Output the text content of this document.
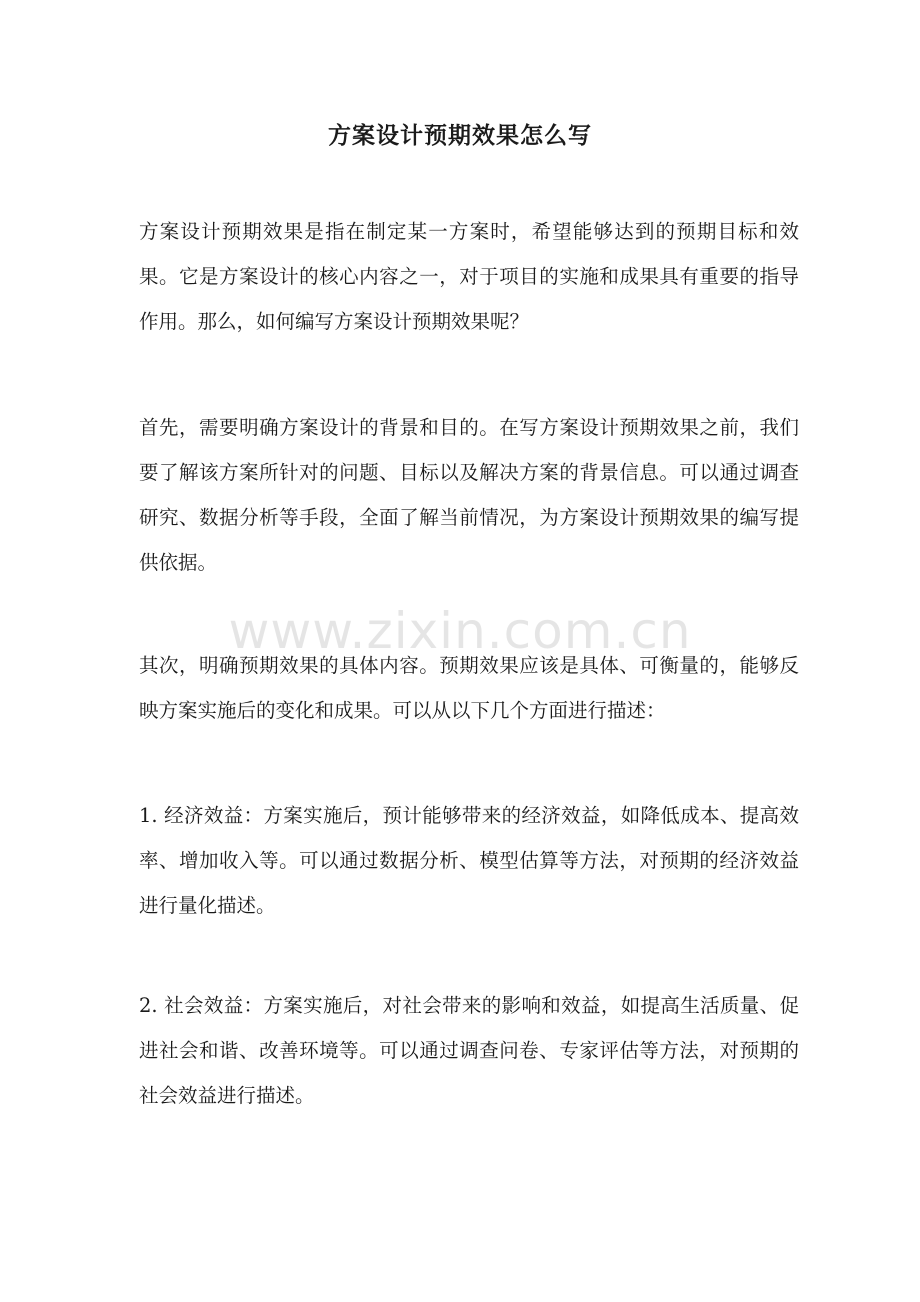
方案设计预期效果怎么写

方案设计预期效果是指在制定某一方案时，希望能够达到的预期目标和效果。它是方案设计的核心内容之一，对于项目的实施和成果具有重要的指导作用。那么，如何编写方案设计预期效果呢？

首先，需要明确方案设计的背景和目的。在写方案设计预期效果之前，我们要了解该方案所针对的问题、目标以及解决方案的背景信息。可以通过调查研究、数据分析等手段，全面了解当前情况，为方案设计预期效果的编写提供依据。

其次，明确预期效果的具体内容。预期效果应该是具体、可衡量的，能够反映方案实施后的变化和成果。可以从以下几个方面进行描述：

1. 经济效益：方案实施后，预计能够带来的经济效益，如降低成本、提高效率、增加收入等。可以通过数据分析、模型估算等方法，对预期的经济效益进行量化描述。

2. 社会效益：方案实施后，对社会带来的影响和效益，如提高生活质量、促进社会和谐、改善环境等。可以通过调查问卷、专家评估等方法，对预期的社会效益进行描述。

www.zixin.com.cn
